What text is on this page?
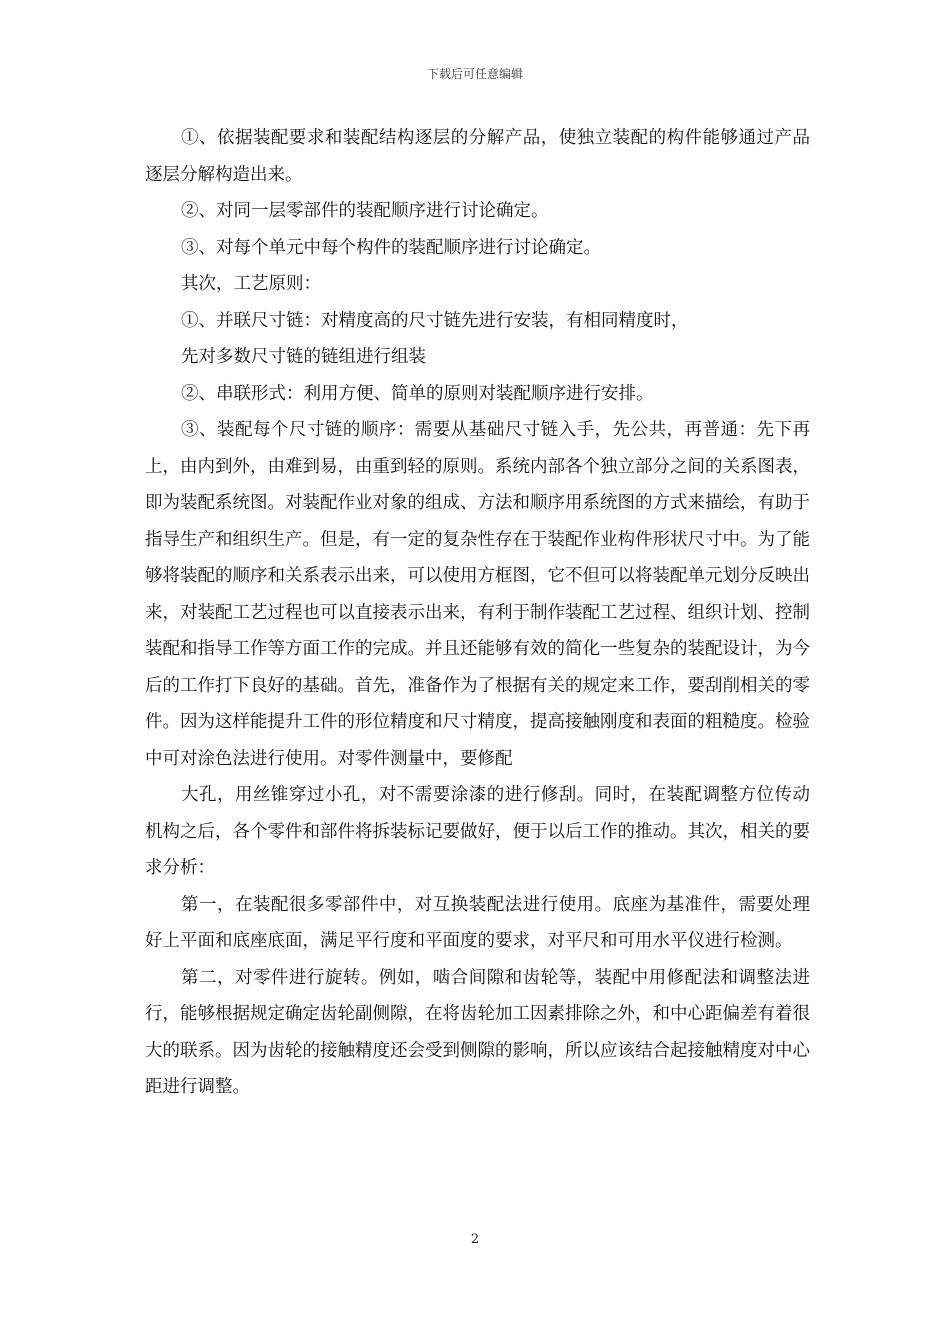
下载后可任意编辑

①、依据装配要求和装配结构逐层的分解产品，使独立装配的构件能够通过产品逐层分解构造出来。

②、对同一层零部件的装配顺序进行讨论确定。

③、对每个单元中每个构件的装配顺序进行讨论确定。

其次，工艺原则：

①、并联尺寸链：对精度高的尺寸链先进行安装，有相同精度时，

先对多数尺寸链的链组进行组装

②、串联形式：利用方便、简单的原则对装配顺序进行安排。

③、装配每个尺寸链的顺序：需要从基础尺寸链入手，先公共，再普通：先下再上，由内到外，由难到易，由重到轻的原则。系统内部各个独立部分之间的关系图表，即为装配系统图。对装配作业对象的组成、方法和顺序用系统图的方式来描绘，有助于指导生产和组织生产。但是，有一定的复杂性存在于装配作业构件形状尺寸中。为了能够将装配的顺序和关系表示出来，可以使用方框图，它不但可以将装配单元划分反映出来，对装配工艺过程也可以直接表示出来，有利于制作装配工艺过程、组织计划、控制装配和指导工作等方面工作的完成。并且还能够有效的简化一些复杂的装配设计，为今后的工作打下良好的基础。首先，准备作为了根据有关的规定来工作，要刮削相关的零件。因为这样能提升工件的形位精度和尺寸精度，提高接触刚度和表面的粗糙度。检验中可对涂色法进行使用。对零件测量中，要修配

大孔，用丝锥穿过小孔，对不需要涂漆的进行修刮。同时，在装配调整方位传动机构之后，各个零件和部件将拆装标记要做好，便于以后工作的推动。其次，相关的要求分析：

第一，在装配很多零部件中，对互换装配法进行使用。底座为基准件，需要处理好上平面和底座底面，满足平行度和平面度的要求，对平尺和可用水平仪进行检测。

第二，对零件进行旋转。例如，啮合间隙和齿轮等，装配中用修配法和调整法进行，能够根据规定确定齿轮副侧隙，在将齿轮加工因素排除之外，和中心距偏差有着很大的联系。因为齿轮的接触精度还会受到侧隙的影响，所以应该结合起接触精度对中心距进行调整。

2
